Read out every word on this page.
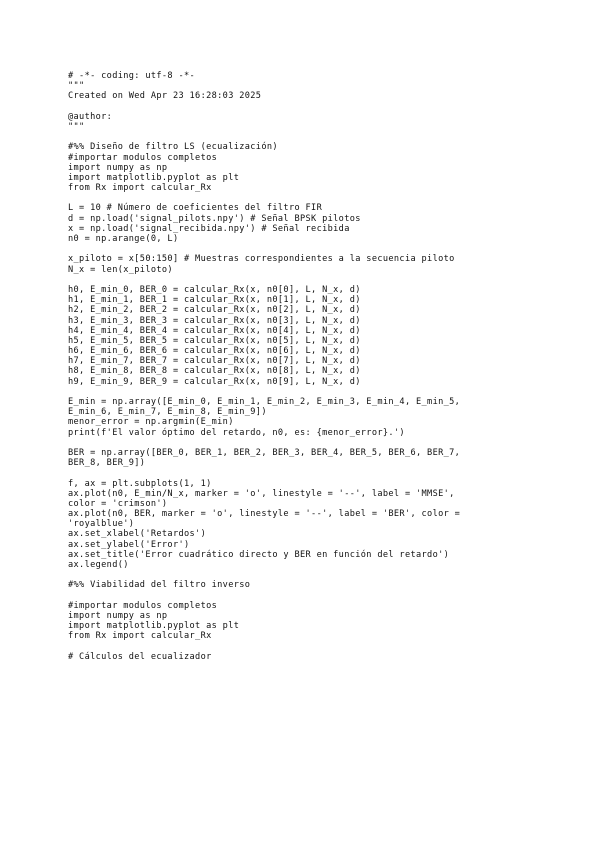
# -*- coding: utf-8 -*-
"""
Created on Wed Apr 23 16:28:03 2025
@author:
"""
#%% Diseño de filtro LS (ecualización)
#importar modulos completos
import numpy as np
import matplotlib.pyplot as plt
from Rx import calcular_Rx
L = 10 # Número de coeficientes del filtro FIR
d = np.load('signal_pilots.npy') # Señal BPSK pilotos
x = np.load('signal_recibida.npy') # Señal recibida
n0 = np.arange(0, L)
x_piloto = x[50:150] # Muestras correspondientes a la secuencia piloto
N_x = len(x_piloto)
h0, E_min_0, BER_0 = calcular_Rx(x, n0[0], L, N_x, d)
h1, E_min_1, BER_1 = calcular_Rx(x, n0[1], L, N_x, d)
h2, E_min_2, BER_2 = calcular_Rx(x, n0[2], L, N_x, d)
h3, E_min_3, BER_3 = calcular_Rx(x, n0[3], L, N_x, d)
h4, E_min_4, BER_4 = calcular_Rx(x, n0[4], L, N_x, d)
h5, E_min_5, BER_5 = calcular_Rx(x, n0[5], L, N_x, d)
h6, E_min_6, BER_6 = calcular_Rx(x, n0[6], L, N_x, d)
h7, E_min_7, BER_7 = calcular_Rx(x, n0[7], L, N_x, d)
h8, E_min_8, BER_8 = calcular_Rx(x, n0[8], L, N_x, d)
h9, E_min_9, BER_9 = calcular_Rx(x, n0[9], L, N_x, d)
E_min = np.array([E_min_0, E_min_1, E_min_2, E_min_3, E_min_4, E_min_5,
E_min_6, E_min_7, E_min_8, E_min_9])
menor_error = np.argmin(E_min)
print(f'El valor óptimo del retardo, n0, es: {menor_error}.')
BER = np.array([BER_0, BER_1, BER_2, BER_3, BER_4, BER_5, BER_6, BER_7,
BER_8, BER_9])
f, ax = plt.subplots(1, 1)
ax.plot(n0, E_min/N_x, marker = 'o', linestyle = '--', label = 'MMSE',
color = 'crimson')
ax.plot(n0, BER, marker = 'o', linestyle = '--', label = 'BER', color =
'royalblue')
ax.set_xlabel('Retardos')
ax.set_ylabel('Error')
ax.set_title('Error cuadrático directo y BER en función del retardo')
ax.legend()
#%% Viabilidad del filtro inverso
#importar modulos completos
import numpy as np
import matplotlib.pyplot as plt
from Rx import calcular_Rx
# Cálculos del ecualizador
